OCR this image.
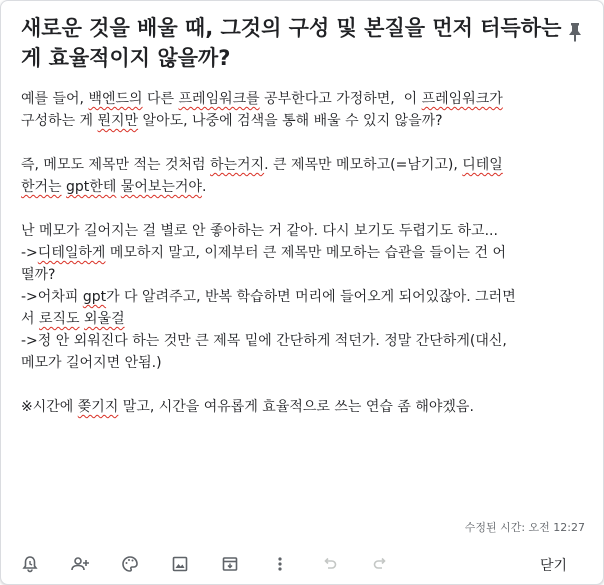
새로운 것을 배울 때, 그것의 구성 및 본질을 먼저 터득하는 게 효율적이지 않을까?
예를 들어, 백엔드의 다른 프레임워크를 공부한다고 가정하면,  이 프레임워크가
구성하는 게 뭔지만 알아도, 나중에 검색을 통해 배울 수 있지 않을까?
즉, 메모도 제목만 적는 것처럼 하는거지. 큰 제목만 메모하고(=남기고), 디테일
한거는 gpt한테 물어보는거야.
난 메모가 길어지는 걸 별로 안 좋아하는 거 같아. 다시 보기도 두렵기도 하고...
->디테일하게 메모하지 말고, 이제부터 큰 제목만 메모하는 습관을 들이는 건 어
떨까?
->어차피 gpt가 다 알려주고, 반복 학습하면 머리에 들어오게 되어있잖아. 그러면
서 로직도 외울걸
->정 안 외워진다 하는 것만 큰 제목 밑에 간단하게 적던가. 정말 간단하게(대신,
메모가 길어지면 안됨.)
※시간에 쫒기지 말고, 시간을 여유롭게 효율적으로 쓰는 연습 좀 해야겠음.
수정된 시간: 오전 12:27
닫기
